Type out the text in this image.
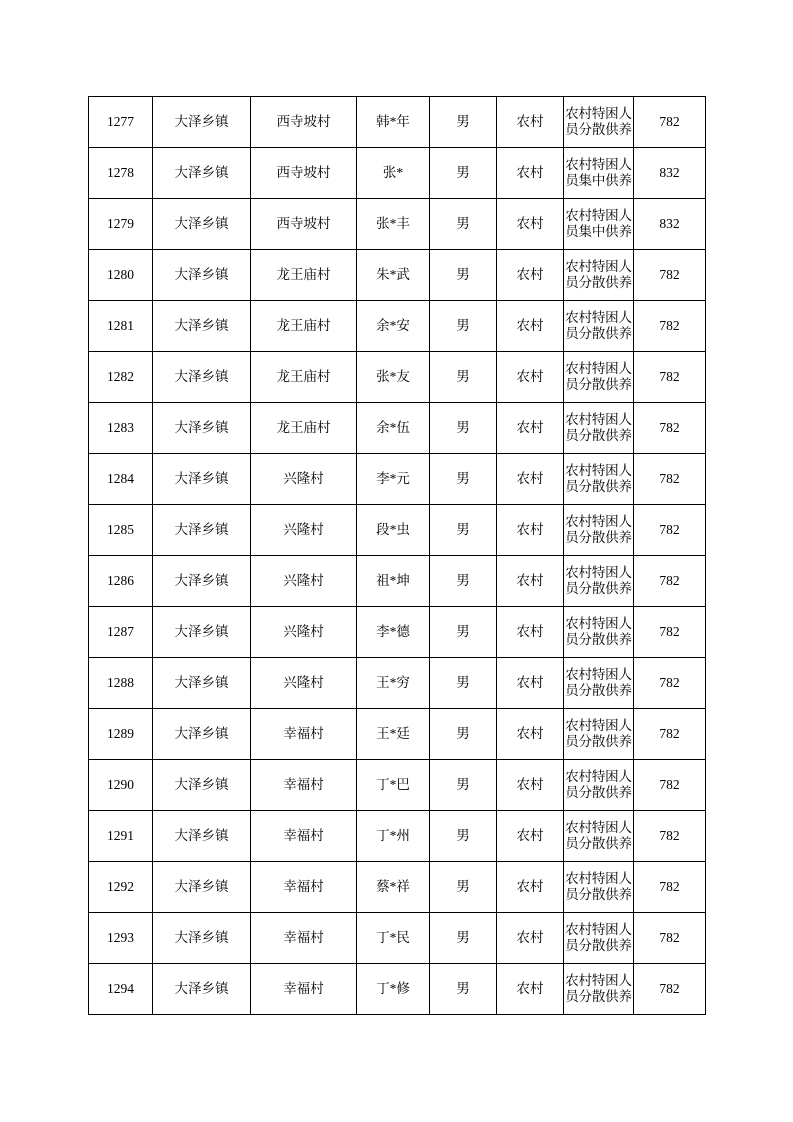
1277	大泽乡镇	西寺坡村	韩*年	男	农村	农村特困人员分散供养	782
1278	大泽乡镇	西寺坡村	张*	男	农村	农村特困人员集中供养	832
1279	大泽乡镇	西寺坡村	张*丰	男	农村	农村特困人员集中供养	832
1280	大泽乡镇	龙王庙村	朱*武	男	农村	农村特困人员分散供养	782
1281	大泽乡镇	龙王庙村	余*安	男	农村	农村特困人员分散供养	782
1282	大泽乡镇	龙王庙村	张*友	男	农村	农村特困人员分散供养	782
1283	大泽乡镇	龙王庙村	余*伍	男	农村	农村特困人员分散供养	782
1284	大泽乡镇	兴隆村	李*元	男	农村	农村特困人员分散供养	782
1285	大泽乡镇	兴隆村	段*虫	男	农村	农村特困人员分散供养	782
1286	大泽乡镇	兴隆村	祖*坤	男	农村	农村特困人员分散供养	782
1287	大泽乡镇	兴隆村	李*德	男	农村	农村特困人员分散供养	782
1288	大泽乡镇	兴隆村	王*穷	男	农村	农村特困人员分散供养	782
1289	大泽乡镇	幸福村	王*廷	男	农村	农村特困人员分散供养	782
1290	大泽乡镇	幸福村	丁*巴	男	农村	农村特困人员分散供养	782
1291	大泽乡镇	幸福村	丁*州	男	农村	农村特困人员分散供养	782
1292	大泽乡镇	幸福村	蔡*祥	男	农村	农村特困人员分散供养	782
1293	大泽乡镇	幸福村	丁*民	男	农村	农村特困人员分散供养	782
1294	大泽乡镇	幸福村	丁*修	男	农村	农村特困人员分散供养	782
